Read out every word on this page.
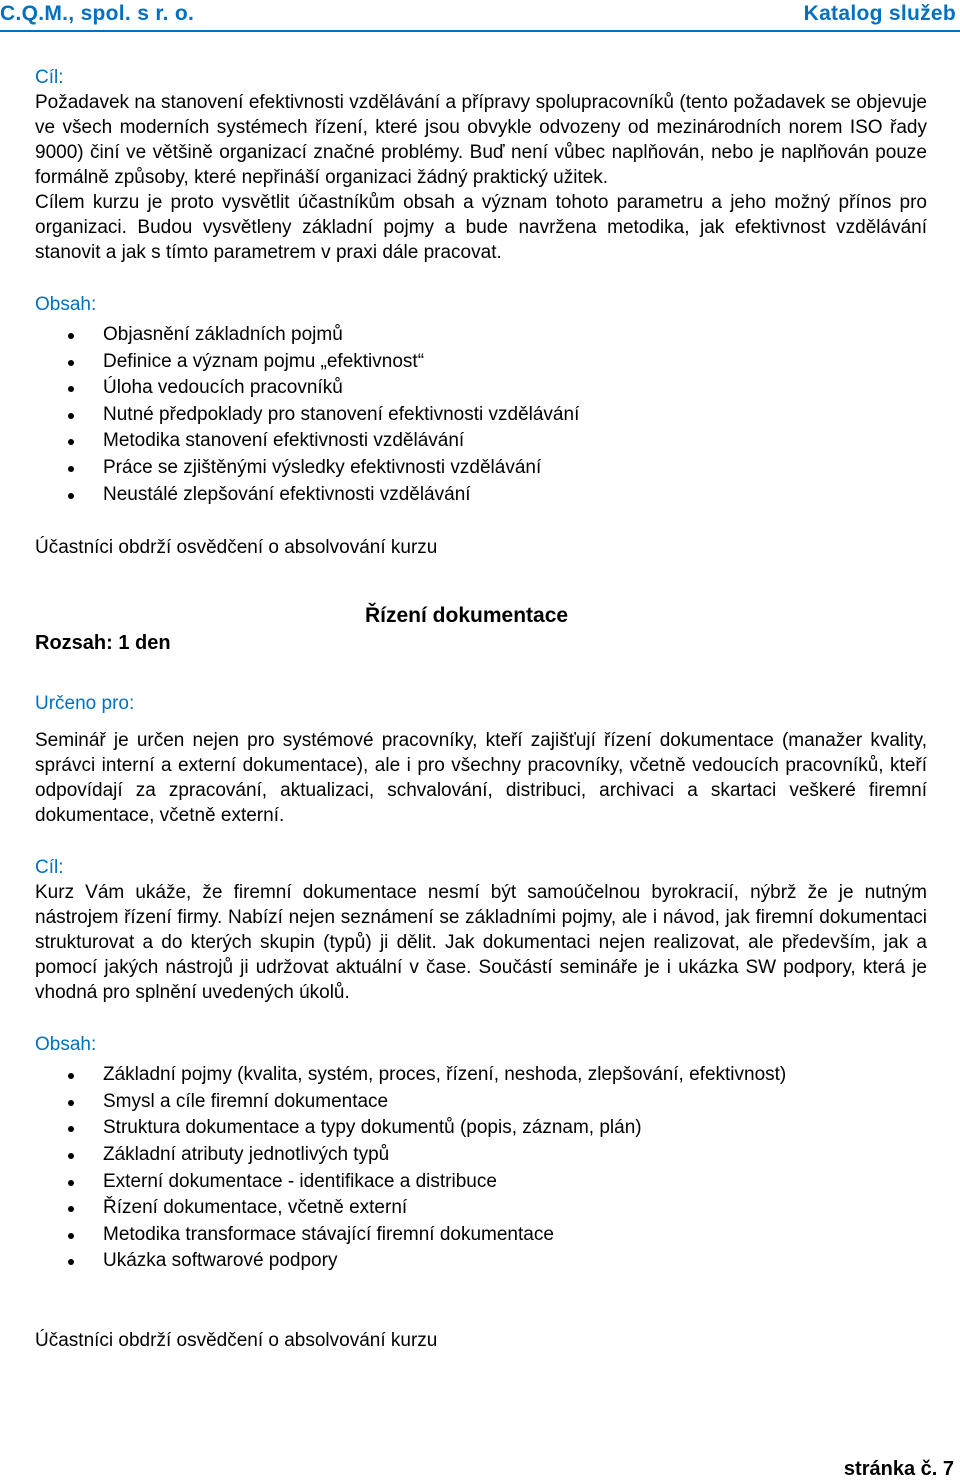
C.Q.M., spol. s r. o.	Katalog služeb

Cíl:

Požadavek na stanovení efektivnosti vzdělávání a přípravy spolupracovníků (tento požadavek se objevuje ve všech moderních systémech řízení, které jsou obvykle odvozeny od mezinárodních norem ISO řady 9000) činí ve většině organizací značné problémy. Buď není vůbec naplňován, nebo je naplňován pouze formálně způsoby, které nepřináší organizaci žádný praktický užitek.

Cílem kurzu je proto vysvětlit účastníkům obsah a význam tohoto parametru a jeho možný přínos pro organizaci. Budou vysvětleny základní pojmy a bude navržena metodika, jak efektivnost vzdělávání stanovit a jak s tímto parametrem v praxi dále pracovat.

Obsah:

Objasnění základních pojmů
Definice a význam pojmu „efektivnost“
Úloha vedoucích pracovníků
Nutné předpoklady pro stanovení efektivnosti vzdělávání
Metodika stanovení efektivnosti vzdělávání
Práce se zjištěnými výsledky efektivnosti vzdělávání
Neustálé zlepšování efektivnosti vzdělávání

Účastníci obdrží osvědčení o absolvování kurzu

Řízení dokumentace
Rozsah: 1 den

Určeno pro:

Seminář je určen nejen pro systémové pracovníky, kteří zajišťují řízení dokumentace (manažer kvality, správci interní a externí dokumentace), ale i pro všechny pracovníky, včetně vedoucích pracovníků, kteří odpovídají za zpracování, aktualizaci, schvalování, distribuci, archivaci a skartaci veškeré firemní dokumentace, včetně externí.

Cíl:

Kurz Vám ukáže, že firemní dokumentace nesmí být samoúčelnou byrokracií, nýbrž že je nutným nástrojem řízení firmy. Nabízí nejen seznámení se základními pojmy, ale i návod, jak firemní dokumentaci strukturovat a do kterých skupin (typů) ji dělit. Jak dokumentaci nejen realizovat, ale především, jak a pomocí jakých nástrojů ji udržovat aktuální v čase. Součástí semináře je i ukázka SW podpory, která je vhodná pro splnění uvedených úkolů.

Obsah:

Základní pojmy (kvalita, systém, proces, řízení, neshoda, zlepšování, efektivnost)
Smysl a cíle firemní dokumentace
Struktura dokumentace a typy dokumentů (popis, záznam, plán)
Základní atributy jednotlivých typů
Externí dokumentace - identifikace a distribuce
Řízení dokumentace, včetně externí
Metodika transformace stávající firemní dokumentace
Ukázka softwarové podpory

Účastníci obdrží osvědčení o absolvování kurzu

stránka č. 7
